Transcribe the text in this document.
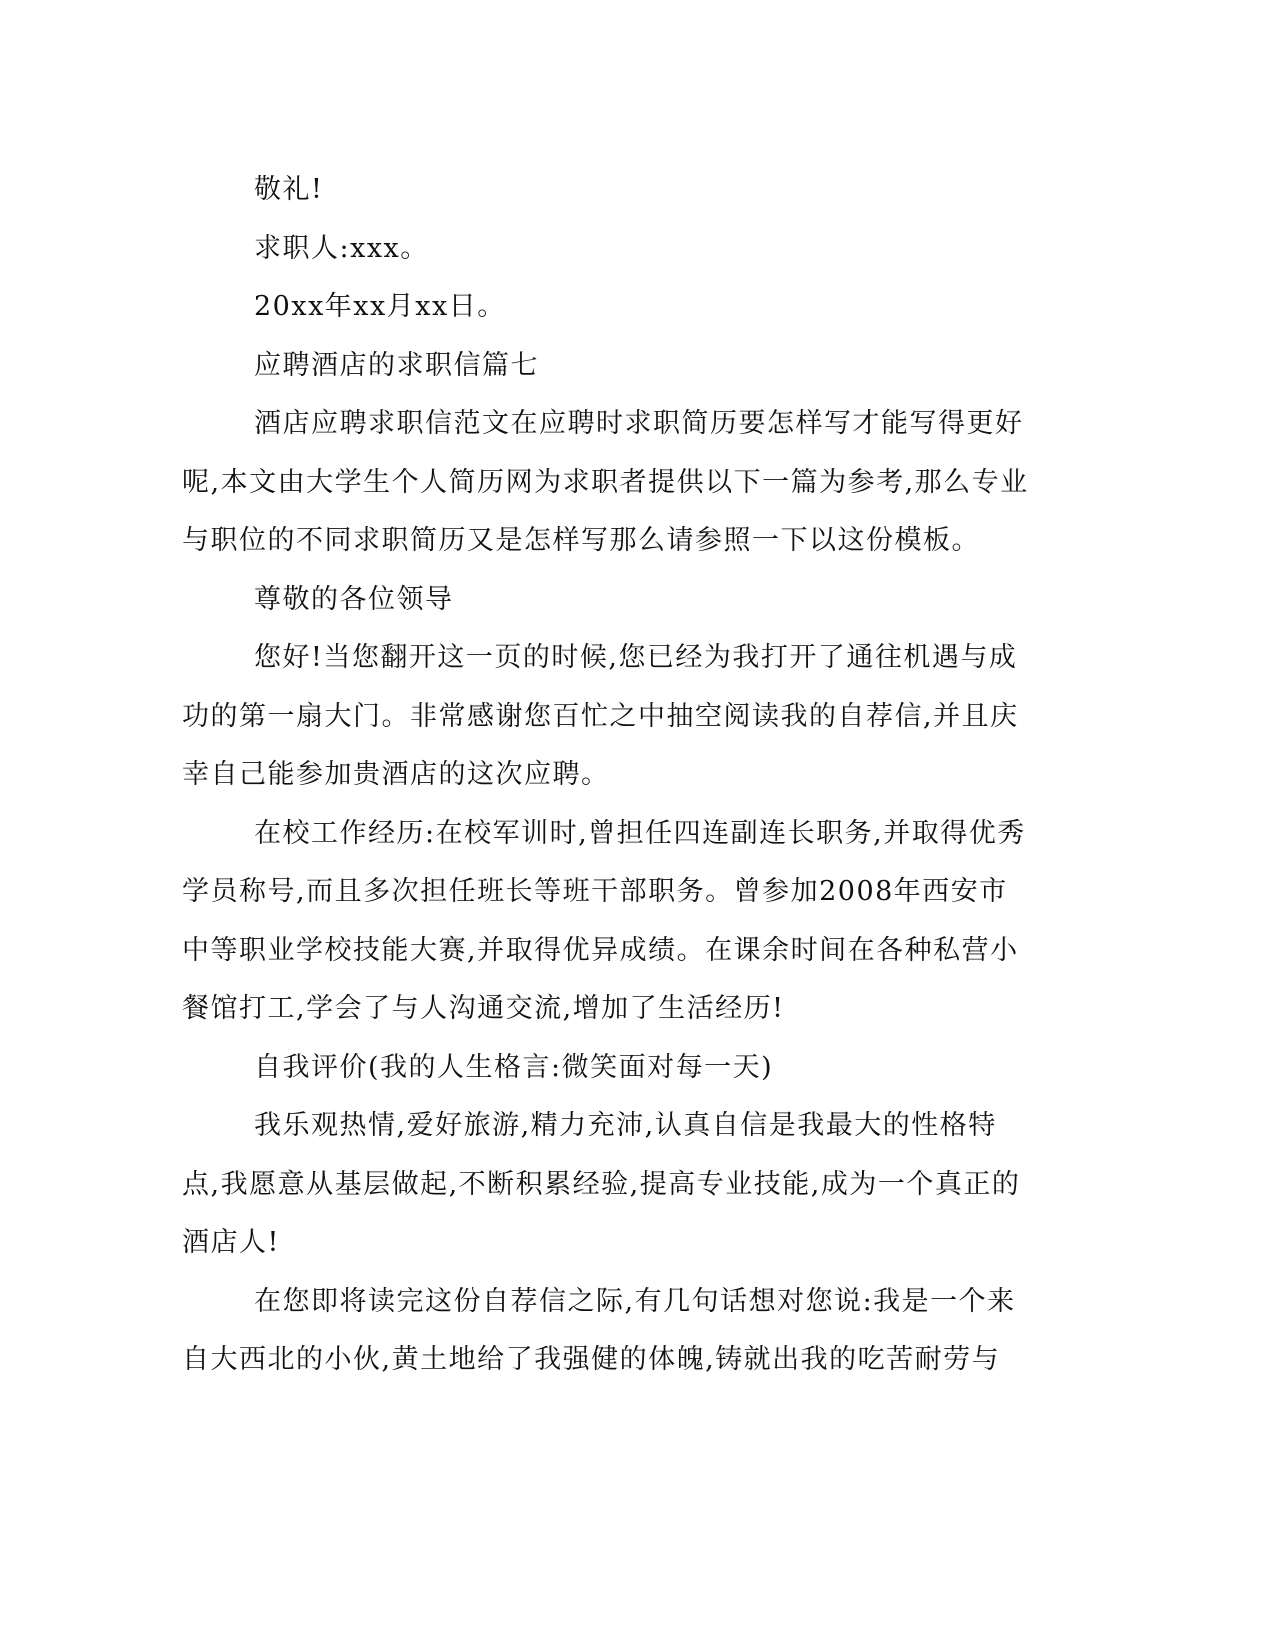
敬礼!

求职人:xxx。

20xx年xx月xx日。

应聘酒店的求职信篇七

酒店应聘求职信范文在应聘时求职简历要怎样写才能写得更好呢,本文由大学生个人简历网为求职者提供以下一篇为参考,那么专业与职位的不同求职简历又是怎样写那么请参照一下以这份模板。

尊敬的各位领导

您好!当您翻开这一页的时候,您已经为我打开了通往机遇与成功的第一扇大门。非常感谢您百忙之中抽空阅读我的自荐信,并且庆幸自己能参加贵酒店的这次应聘。

在校工作经历:在校军训时,曾担任四连副连长职务,并取得优秀学员称号,而且多次担任班长等班干部职务。曾参加2008年西安市中等职业学校技能大赛,并取得优异成绩。在课余时间在各种私营小餐馆打工,学会了与人沟通交流,增加了生活经历!

自我评价(我的人生格言:微笑面对每一天)

我乐观热情,爱好旅游,精力充沛,认真自信是我最大的性格特点,我愿意从基层做起,不断积累经验,提高专业技能,成为一个真正的酒店人!

在您即将读完这份自荐信之际,有几句话想对您说:我是一个来自大西北的小伙,黄土地给了我强健的体魄,铸就出我的吃苦耐劳与
